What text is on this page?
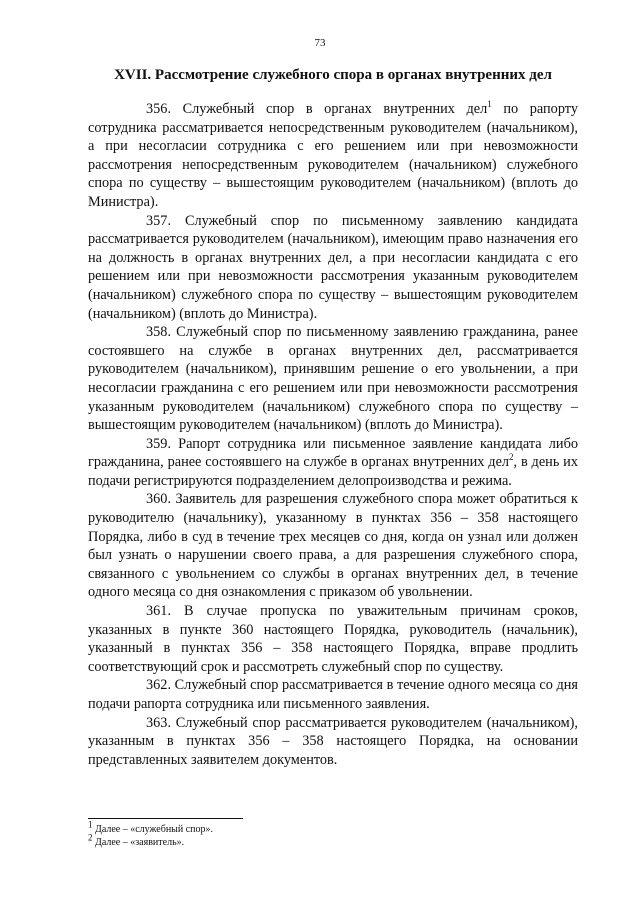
73
XVII. Рассмотрение служебного спора в органах внутренних дел

356. Служебный спор в органах внутренних дел$^1$ по рапорту сотрудника рассматривается непосредственным руководителем (начальником), а при несогласии сотрудника с его решением или при невозможности рассмотрения непосредственным руководителем (начальником) служебного спора по существу – вышестоящим руководителем (начальником) (вплоть до Министра).

357. Служебный спор по письменному заявлению кандидата рассматривается руководителем (начальником), имеющим право назначения его на должность в органах внутренних дел, а при несогласии кандидата с его решением или при невозможности рассмотрения указанным руководителем (начальником) служебного спора по существу – вышестоящим руководителем (начальником) (вплоть до Министра).

358. Служебный спор по письменному заявлению гражданина, ранее состоявшего на службе в органах внутренних дел, рассматривается руководителем (начальником), принявшим решение о его увольнении, а при несогласии гражданина с его решением или при невозможности рассмотрения указанным руководителем (начальником) служебного спора по существу – вышестоящим руководителем (начальником) (вплоть до Министра).

359. Рапорт сотрудника или письменное заявление кандидата либо гражданина, ранее состоявшего на службе в органах внутренних дел$^2$, в день их подачи регистрируются подразделением делопроизводства и режима.

360. Заявитель для разрешения служебного спора может обратиться к руководителю (начальнику), указанному в пунктах 356 – 358 настоящего Порядка, либо в суд в течение трех месяцев со дня, когда он узнал или должен был узнать о нарушении своего права, а для разрешения служебного спора, связанного с увольнением со службы в органах внутренних дел, в течение одного месяца со дня ознакомления с приказом об увольнении.

361. В случае пропуска по уважительным причинам сроков, указанных в пункте 360 настоящего Порядка, руководитель (начальник), указанный в пунктах 356 – 358 настоящего Порядка, вправе продлить соответствующий срок и рассмотреть служебный спор по существу.

362. Служебный спор рассматривается в течение одного месяца со дня подачи рапорта сотрудника или письменного заявления.

363. Служебный спор рассматривается руководителем (начальником), указанным в пунктах 356 – 358 настоящего Порядка, на основании представленных заявителем документов.

$^1$ Далее – «служебный спор».

$^2$ Далее – «заявитель».
